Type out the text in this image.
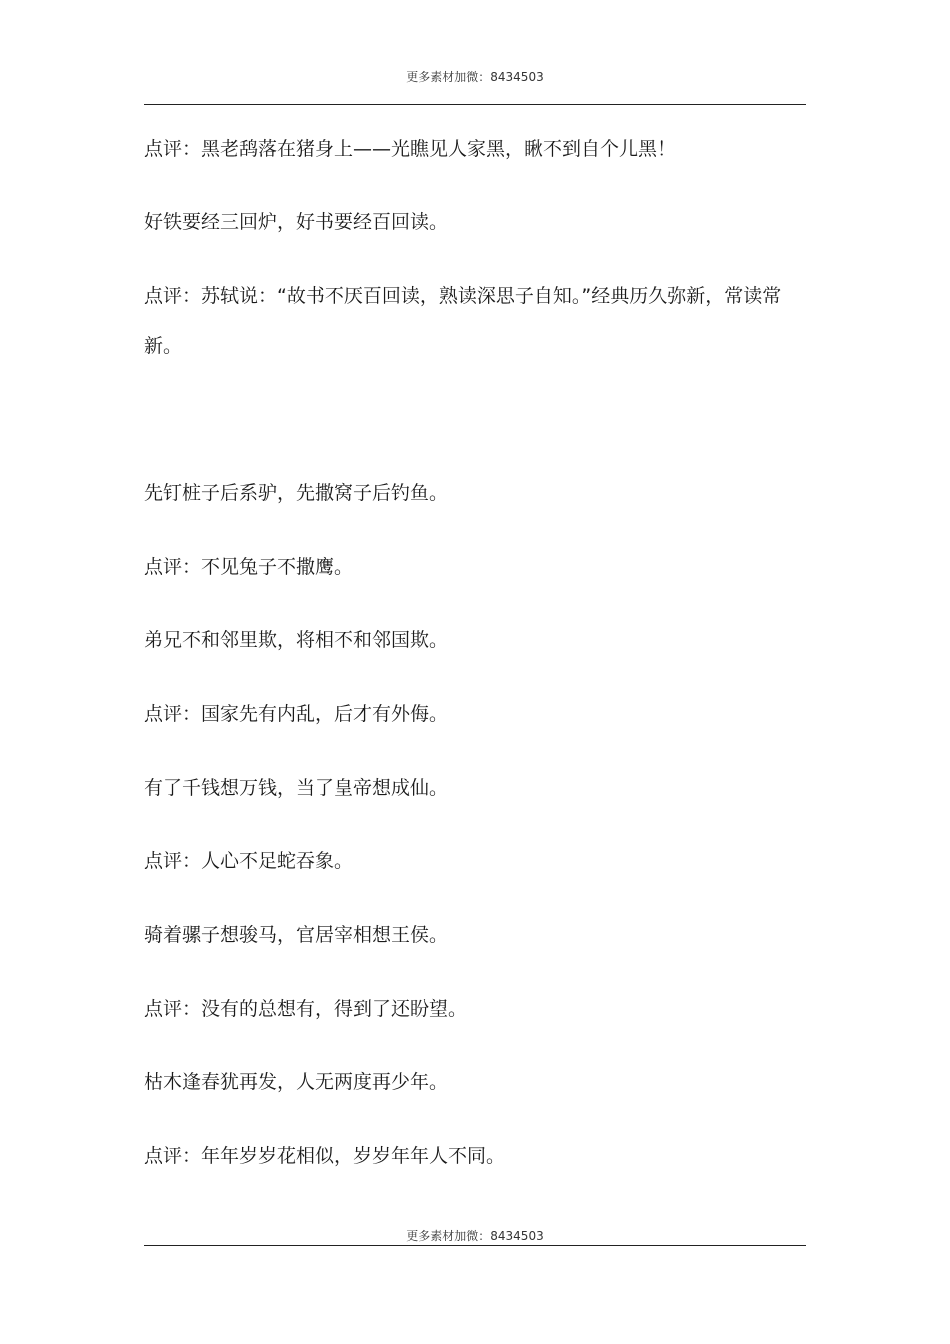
更多素材加微：8434503

点评：黑老鸹落在猪身上——光瞧见人家黑，瞅不到自个儿黑！

好铁要经三回炉，好书要经百回读。

点评：苏轼说：“故书不厌百回读，熟读深思子自知。”经典历久弥新，常读常新。

先钉桩子后系驴，先撒窝子后钓鱼。

点评：不见兔子不撒鹰。

弟兄不和邻里欺，将相不和邻国欺。

点评：国家先有内乱，后才有外侮。

有了千钱想万钱，当了皇帝想成仙。

点评：人心不足蛇吞象。

骑着骡子想骏马，官居宰相想王侯。

点评：没有的总想有，得到了还盼望。

枯木逢春犹再发，人无两度再少年。

点评：年年岁岁花相似，岁岁年年人不同。

更多素材加微：8434503
